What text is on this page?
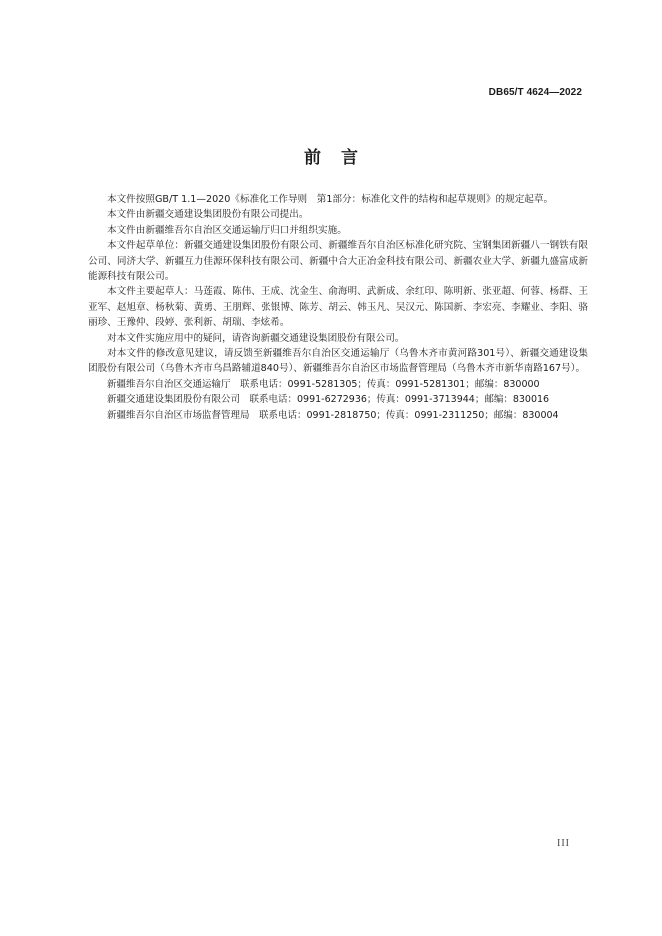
DB65/T 4624—2022
前言

本文件按照GB/T 1.1—2020《标准化工作导则　第1部分：标准化文件的结构和起草规则》的规定起草。

本文件由新疆交通建设集团股份有限公司提出。

本文件由新疆维吾尔自治区交通运输厅归口并组织实施。

本文件起草单位：新疆交通建设集团股份有限公司、新疆维吾尔自治区标准化研究院、宝钢集团新疆八一钢铁有限公司、同济大学、新疆互力佳源环保科技有限公司、新疆中合大正冶金科技有限公司、新疆农业大学、新疆九盛富成新能源科技有限公司。

本文件主要起草人：马莲霞、陈伟、王成、沈金生、俞海明、武新成、余红印、陈明新、张亚超、何蓉、杨群、王亚军、赵旭章、杨秋菊、黄勇、王朋辉、张银博、陈芳、胡云、韩玉凡、吴汉元、陈国新、李宏亮、李耀业、李阳、骆丽珍、王豫仲、段婷、张利新、胡瑞、李炫希。

对本文件实施应用中的疑问，请咨询新疆交通建设集团股份有限公司。

对本文件的修改意见建议，请反馈至新疆维吾尔自治区交通运输厅（乌鲁木齐市黄河路301号）、新疆交通建设集团股份有限公司（乌鲁木齐市乌昌路辅道840号）、新疆维吾尔自治区市场监督管理局（乌鲁木齐市新华南路167号）。

新疆维吾尔自治区交通运输厅　联系电话：0991-5281305；传真：0991-5281301；邮编：830000

新疆交通建设集团股份有限公司　联系电话：0991-6272936；传真：0991-3713944；邮编：830016

新疆维吾尔自治区市场监督管理局　联系电话：0991-2818750；传真：0991-2311250；邮编：830004

III
